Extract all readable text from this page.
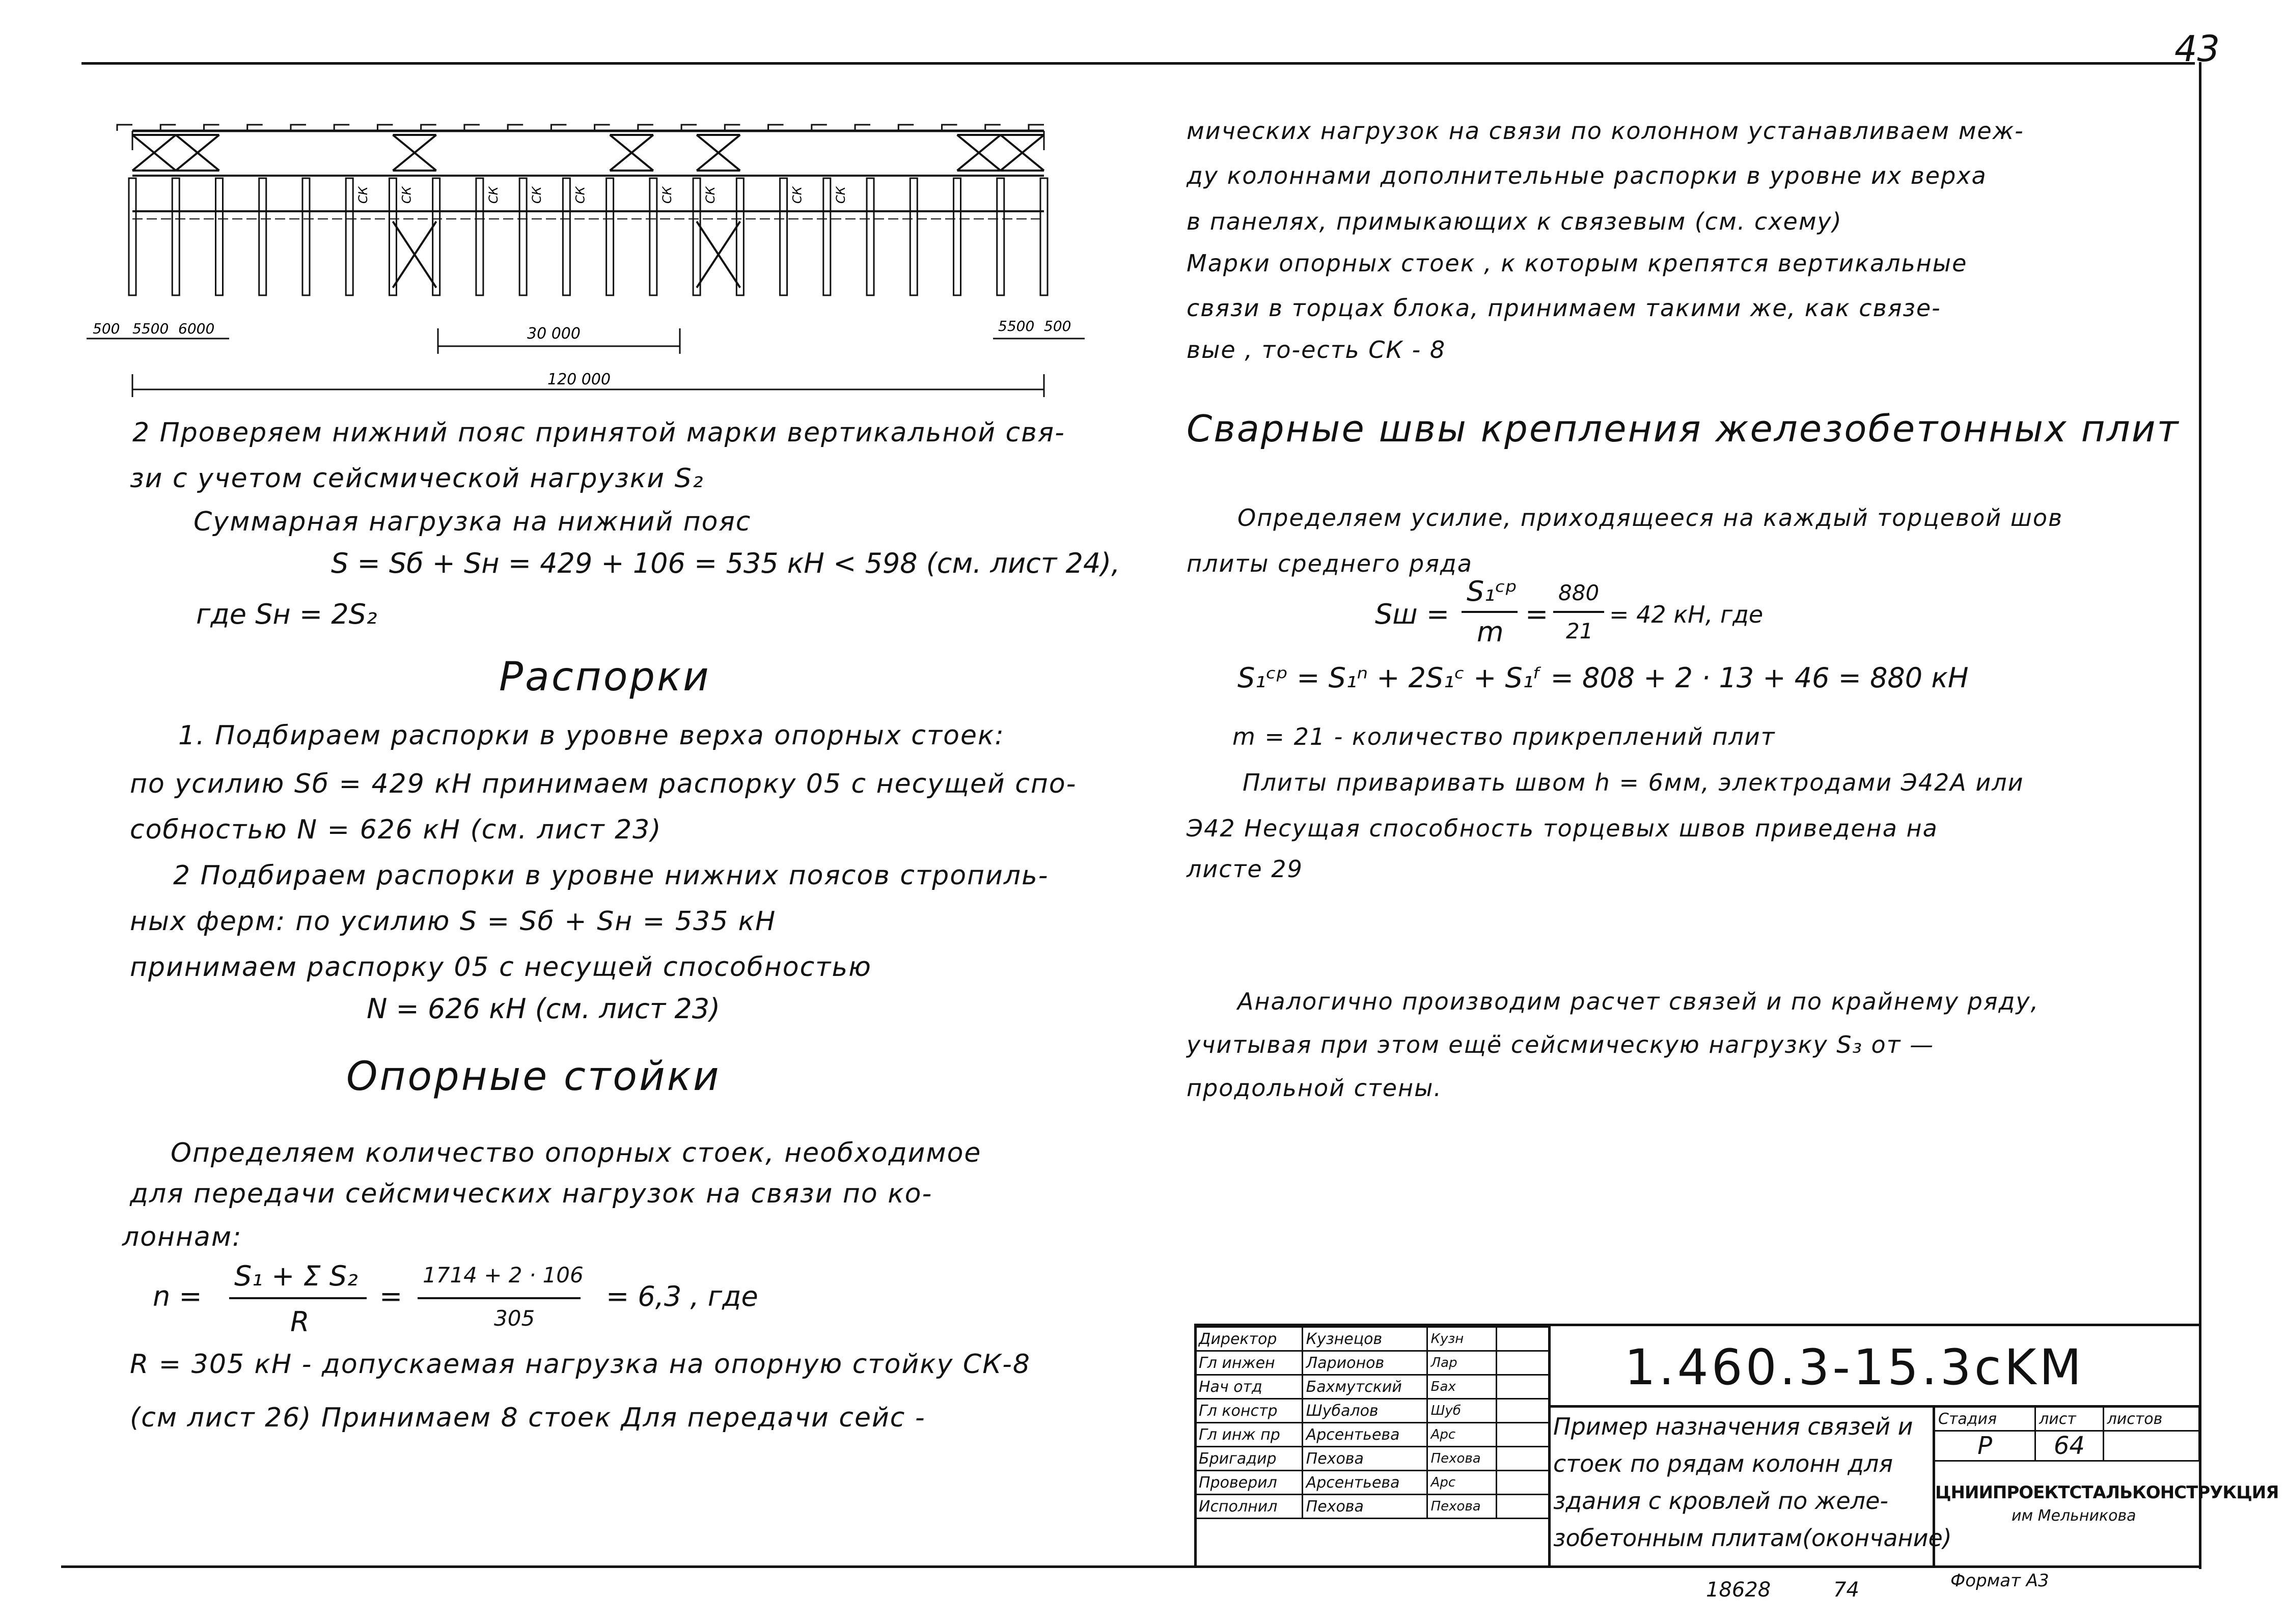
43
СК СК	СК СК СК	СК СК	СК СК
500 5500 6000	30 000	5500 500
120 000
2 Проверяем нижний пояс принятой марки вертикальной свя-
зи с учетом сейсмической нагрузки S₂
Суммарная нагрузка на нижний пояс
S = Sб + Sн = 429 + 106 = 535 кН < 598 (см. лист 24),
где Sн = 2S₂
Распорки
1. Подбираем распорки в уровне верха опорных стоек:
по усилию Sб = 429 кН принимаем распорку 05 с несущей спо-
собностью N = 626 кН (см. лист 23)
2 Подбираем распорки в уровне нижних поясов стропиль-
ных ферм: по усилию S = Sб + Sн = 535 кН
принимаем распорку 05 с несущей способностью
N = 626 кН (см. лист 23)
Опорные стойки
Определяем количество опорных стоек, необходимое
для передачи сейсмических нагрузок на связи по ко-
лоннам:
n =
S₁ + Σ S₂
R
=
1714 + 2 · 106
305
= 6,3 , где
R = 305 кН - допускаемая нагрузка на опорную стойку СК-8
(см лист 26) Принимаем 8 стоек Для передачи сейс -
мических нагрузок на связи по колонном устанавливаем меж-
ду колоннами дополнительные распорки в уровне их верха
в панелях, примыкающих к связевым (см. схему)
Марки опорных стоек , к которым крепятся вертикальные
связи в торцах блока, принимаем такими же, как связе-
вые , то-есть СК - 8
Сварные швы крепления железобетонных плит
Определяем усилие, приходящееся на каждый торцевой шов
плиты среднего ряда
Sш =
S₁ᶜᵖ
m
=
880
21
= 42 кН, где
S₁ᶜᵖ = S₁ⁿ + 2S₁ᶜ + S₁ᶠ = 808 + 2 · 13 + 46 = 880 кН
m = 21 - количество прикреплений плит
Плиты приваривать швом h = 6мм, электродами Э42А или
Э42 Несущая способность торцевых швов приведена на
листе 29
Аналогично производим расчет связей и по крайнему ряду,
учитывая при этом ещё сейсмическую нагрузку S₃ от —
продольной стены.
Директор	Кузнецов	Кузн	
Гл инжен	Ларионов	Лар	
Нач отд	Бахмутский	Бах	
Гл констр	Шубалов	Шуб	
Гл инж пр	Арсентьева	Арс	
Бригадир	Пехова	Пехова	
Проверил	Арсентьева	Арс	
Исполнил	Пехова	Пехова	
1.460.3-15.3cKM
Пример назначения связей и
стоек по рядам колонн для
здания с кровлей по желе-
зобетонным плитам(окончание)
Стадия	лист	листов
Р	64	
ЦНИИПРОЕКТСТАЛЬКОНСТРУКЦИЯ
им Мельникова
Формат А3
18628	74
